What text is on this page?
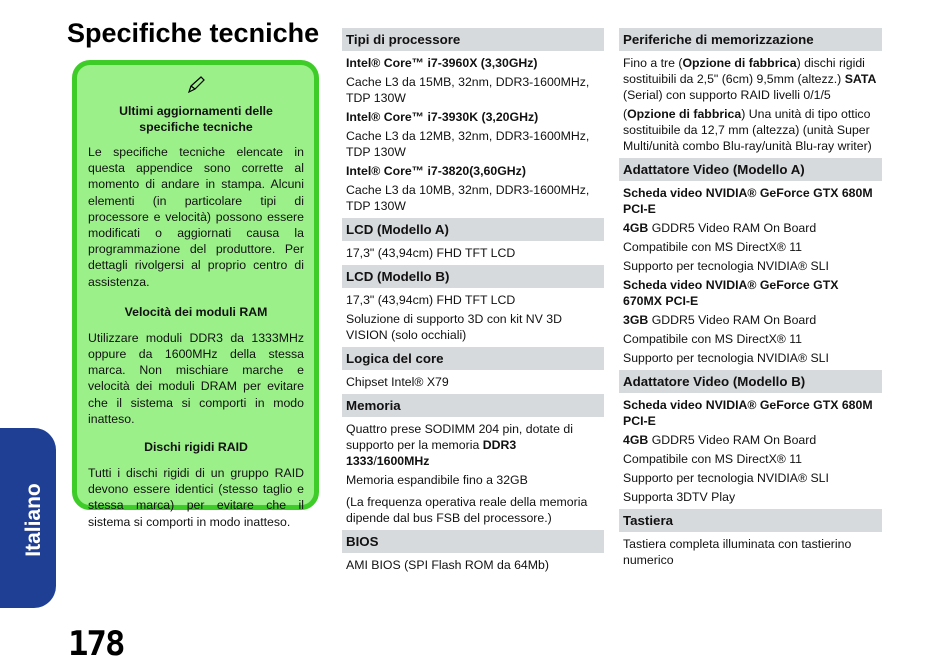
Specifiche tecniche
Ultimi aggiornamenti delle specifiche tecniche

Le specifiche tecniche elencate in questa appendice sono corrette al momento di andare in stampa. Alcuni elementi (in particolare tipi di processore e velocità) possono essere modificati o aggiornati causa la programmazione del produttore. Per dettagli rivolgersi al proprio centro di assistenza.

Velocità dei moduli RAM

Utilizzare moduli DDR3 da 1333MHz oppure da 1600MHz della stessa marca. Non mischiare marche e velocità dei moduli DRAM per evitare che il sistema si comporti in modo inatteso.

Dischi rigidi RAID

Tutti i dischi rigidi di un gruppo RAID devono essere identici (stesso taglio e stessa marca) per evitare che il sistema si comporti in modo inatteso.

Italiano
178
Tipi di processore
Intel® Core™ i7-3960X (3,30GHz)
Cache L3 da 15MB, 32nm, DDR3-1600MHz, TDP 130W
Intel® Core™ i7-3930K (3,20GHz)
Cache L3 da 12MB, 32nm, DDR3-1600MHz, TDP 130W
Intel® Core™ i7-3820(3,60GHz)
Cache L3 da 10MB, 32nm, DDR3-1600MHz, TDP 130W
LCD (Modello A)
17,3" (43,94cm) FHD TFT LCD
LCD (Modello B)
17,3" (43,94cm) FHD TFT LCD
Soluzione di supporto 3D con kit NV 3D VISION (solo occhiali)
Logica del core
Chipset Intel® X79
Memoria
Quattro prese SODIMM 204 pin, dotate di supporto per la memoria DDR3 1333/1600MHz
Memoria espandibile fino a 32GB
(La frequenza operativa reale della memoria dipende dal bus FSB del processore.)
BIOS
AMI BIOS (SPI Flash ROM da 64Mb)
Periferiche di memorizzazione
Fino a tre (Opzione di fabbrica) dischi rigidi sostituibili da 2,5" (6cm) 9,5mm (altezz.) SATA (Serial) con supporto RAID livelli 0/1/5
(Opzione di fabbrica) Una unità di tipo ottico sostituibile da 12,7 mm (altezza) (unità Super Multi/unità combo Blu-ray/unità Blu-ray writer)
Adattatore Video (Modello A)
Scheda video NVIDIA® GeForce GTX 680M PCI-E
4GB GDDR5 Video RAM On Board
Compatibile con MS DirectX® 11
Supporto per tecnologia NVIDIA® SLI
Scheda video NVIDIA® GeForce GTX 670MX PCI-E
3GB GDDR5 Video RAM On Board
Compatibile con MS DirectX® 11
Supporto per tecnologia NVIDIA® SLI
Adattatore Video (Modello B)
Scheda video NVIDIA® GeForce GTX 680M PCI-E
4GB GDDR5 Video RAM On Board
Compatibile con MS DirectX® 11
Supporto per tecnologia NVIDIA® SLI
Supporta 3DTV Play
Tastiera
Tastiera completa illuminata con tastierino numerico
